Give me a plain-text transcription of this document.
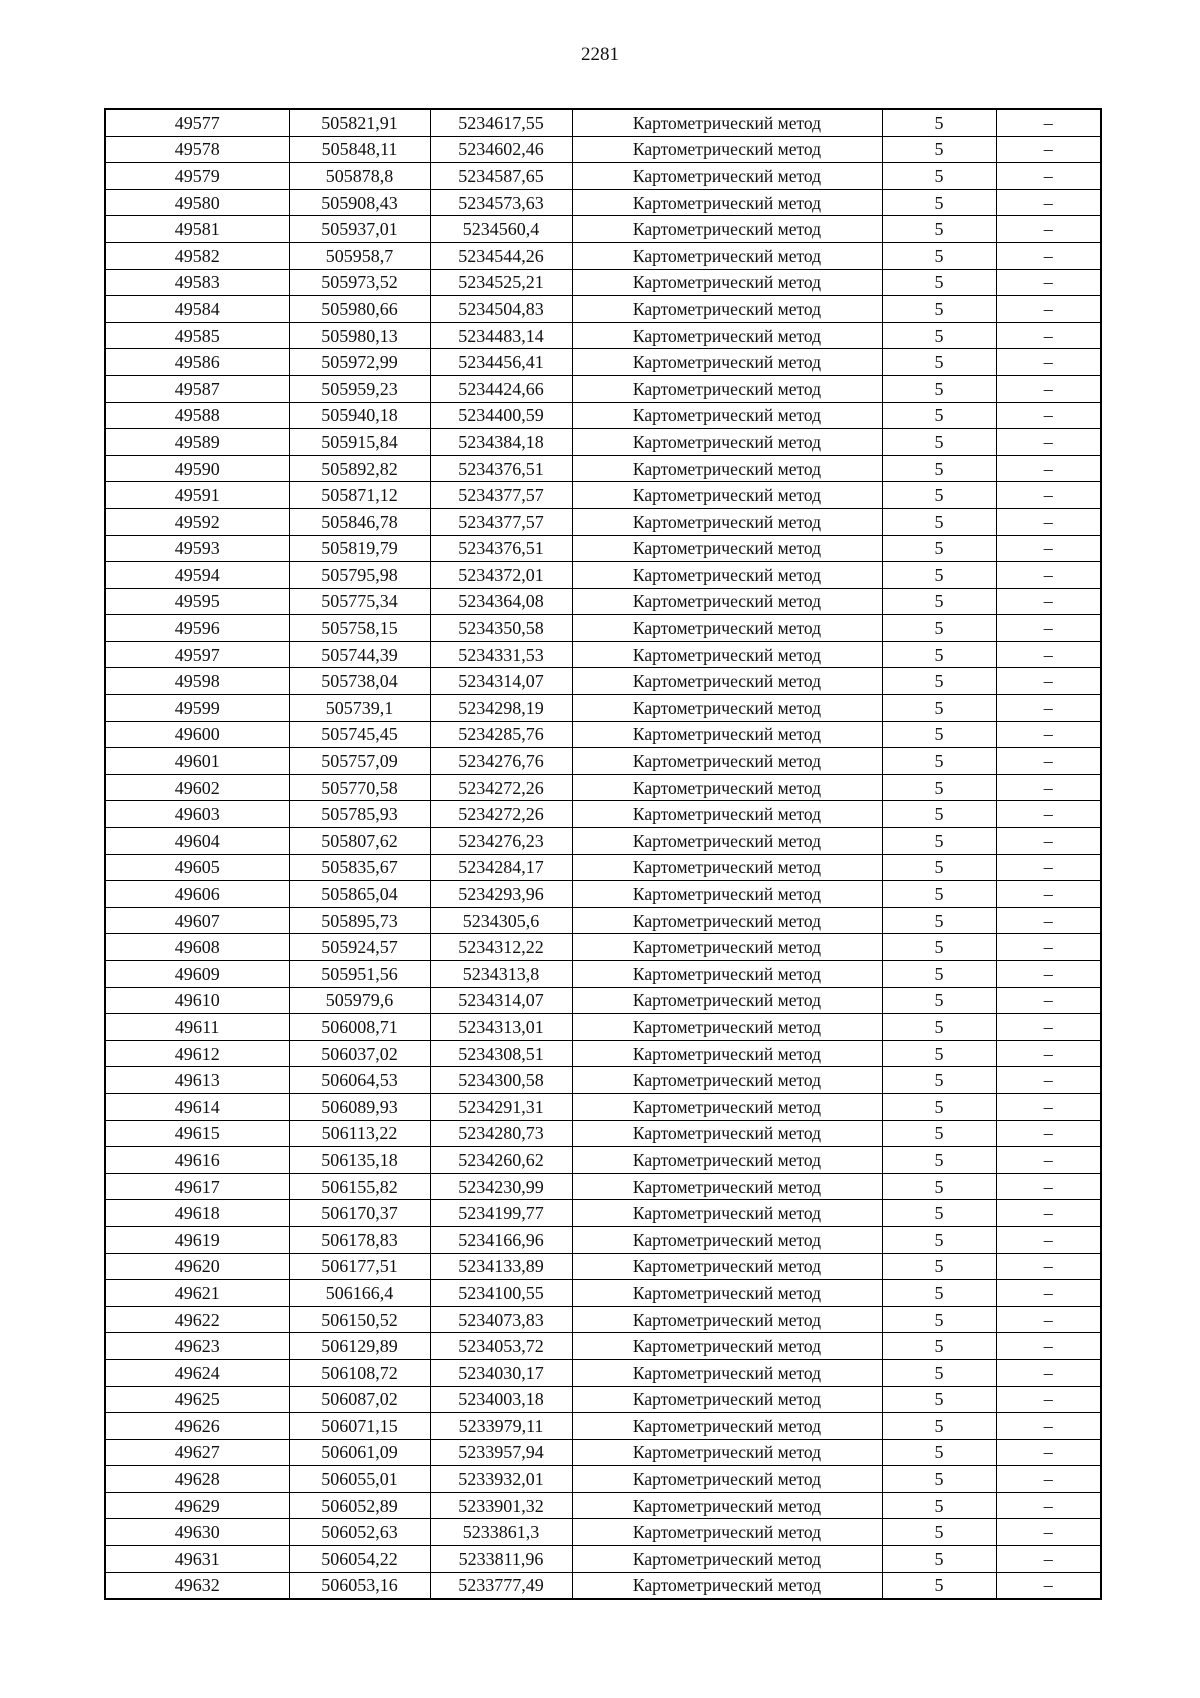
2281
49577	505821,91	5234617,55	Картометрический метод	5	–
49578	505848,11	5234602,46	Картометрический метод	5	–
49579	505878,8	5234587,65	Картометрический метод	5	–
49580	505908,43	5234573,63	Картометрический метод	5	–
49581	505937,01	5234560,4	Картометрический метод	5	–
49582	505958,7	5234544,26	Картометрический метод	5	–
49583	505973,52	5234525,21	Картометрический метод	5	–
49584	505980,66	5234504,83	Картометрический метод	5	–
49585	505980,13	5234483,14	Картометрический метод	5	–
49586	505972,99	5234456,41	Картометрический метод	5	–
49587	505959,23	5234424,66	Картометрический метод	5	–
49588	505940,18	5234400,59	Картометрический метод	5	–
49589	505915,84	5234384,18	Картометрический метод	5	–
49590	505892,82	5234376,51	Картометрический метод	5	–
49591	505871,12	5234377,57	Картометрический метод	5	–
49592	505846,78	5234377,57	Картометрический метод	5	–
49593	505819,79	5234376,51	Картометрический метод	5	–
49594	505795,98	5234372,01	Картометрический метод	5	–
49595	505775,34	5234364,08	Картометрический метод	5	–
49596	505758,15	5234350,58	Картометрический метод	5	–
49597	505744,39	5234331,53	Картометрический метод	5	–
49598	505738,04	5234314,07	Картометрический метод	5	–
49599	505739,1	5234298,19	Картометрический метод	5	–
49600	505745,45	5234285,76	Картометрический метод	5	–
49601	505757,09	5234276,76	Картометрический метод	5	–
49602	505770,58	5234272,26	Картометрический метод	5	–
49603	505785,93	5234272,26	Картометрический метод	5	–
49604	505807,62	5234276,23	Картометрический метод	5	–
49605	505835,67	5234284,17	Картометрический метод	5	–
49606	505865,04	5234293,96	Картометрический метод	5	–
49607	505895,73	5234305,6	Картометрический метод	5	–
49608	505924,57	5234312,22	Картометрический метод	5	–
49609	505951,56	5234313,8	Картометрический метод	5	–
49610	505979,6	5234314,07	Картометрический метод	5	–
49611	506008,71	5234313,01	Картометрический метод	5	–
49612	506037,02	5234308,51	Картометрический метод	5	–
49613	506064,53	5234300,58	Картометрический метод	5	–
49614	506089,93	5234291,31	Картометрический метод	5	–
49615	506113,22	5234280,73	Картометрический метод	5	–
49616	506135,18	5234260,62	Картометрический метод	5	–
49617	506155,82	5234230,99	Картометрический метод	5	–
49618	506170,37	5234199,77	Картометрический метод	5	–
49619	506178,83	5234166,96	Картометрический метод	5	–
49620	506177,51	5234133,89	Картометрический метод	5	–
49621	506166,4	5234100,55	Картометрический метод	5	–
49622	506150,52	5234073,83	Картометрический метод	5	–
49623	506129,89	5234053,72	Картометрический метод	5	–
49624	506108,72	5234030,17	Картометрический метод	5	–
49625	506087,02	5234003,18	Картометрический метод	5	–
49626	506071,15	5233979,11	Картометрический метод	5	–
49627	506061,09	5233957,94	Картометрический метод	5	–
49628	506055,01	5233932,01	Картометрический метод	5	–
49629	506052,89	5233901,32	Картометрический метод	5	–
49630	506052,63	5233861,3	Картометрический метод	5	–
49631	506054,22	5233811,96	Картометрический метод	5	–
49632	506053,16	5233777,49	Картометрический метод	5	–
